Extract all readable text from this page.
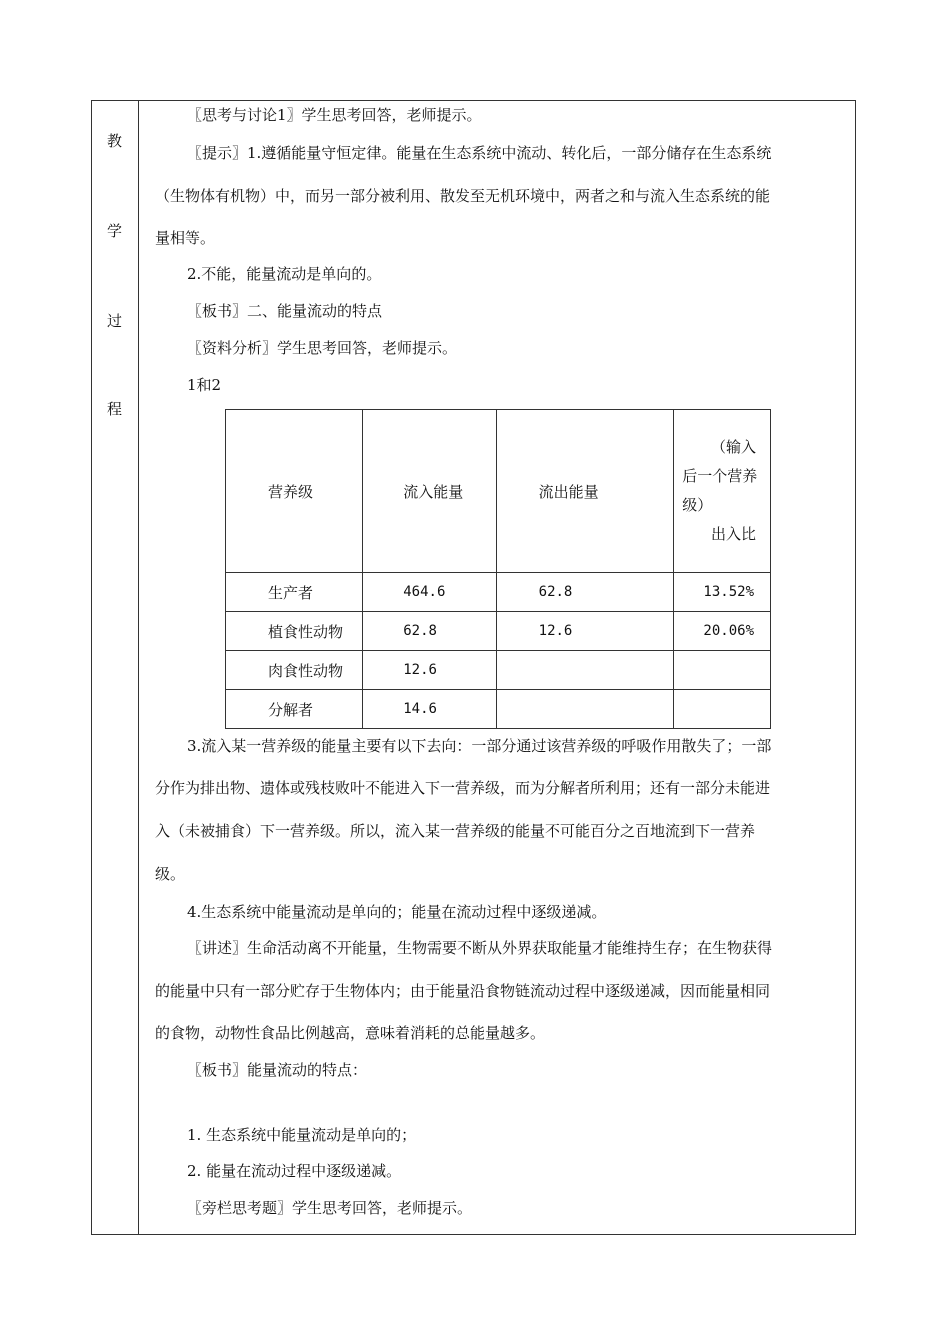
教
学
过
程
〖思考与讨论1〗学生思考回答，老师提示。
〖提示〗1.遵循能量守恒定律。能量在生态系统中流动、转化后，一部分储存在生态系统
（生物体有机物）中，而另一部分被利用、散发至无机环境中，两者之和与流入生态系统的能
量相等。
2.不能，能量流动是单向的。
〖板书〗二、能量流动的特点
〖资料分析〗学生思考回答，老师提示。
1和2
营养级	流入能量	流出能量	（输入
后一个营养
级）
出入比

生产者	464.6	62.8	13.52%
植食性动物	62.8	12.6	20.06%
肉食性动物	12.6		
分解者	14.6		
3.流入某一营养级的能量主要有以下去向：一部分通过该营养级的呼吸作用散失了；一部
分作为排出物、遗体或残枝败叶不能进入下一营养级，而为分解者所利用；还有一部分未能进
入（未被捕食）下一营养级。所以，流入某一营养级的能量不可能百分之百地流到下一营养
级。
4.生态系统中能量流动是单向的；能量在流动过程中逐级递减。
〖讲述〗生命活动离不开能量，生物需要不断从外界获取能量才能维持生存；在生物获得
的能量中只有一部分贮存于生物体内；由于能量沿食物链流动过程中逐级递减，因而能量相同
的食物，动物性食品比例越高，意味着消耗的总能量越多。
〖板书〗能量流动的特点：
1. 生态系统中能量流动是单向的；
2. 能量在流动过程中逐级递减。
〖旁栏思考题〗学生思考回答，老师提示。
